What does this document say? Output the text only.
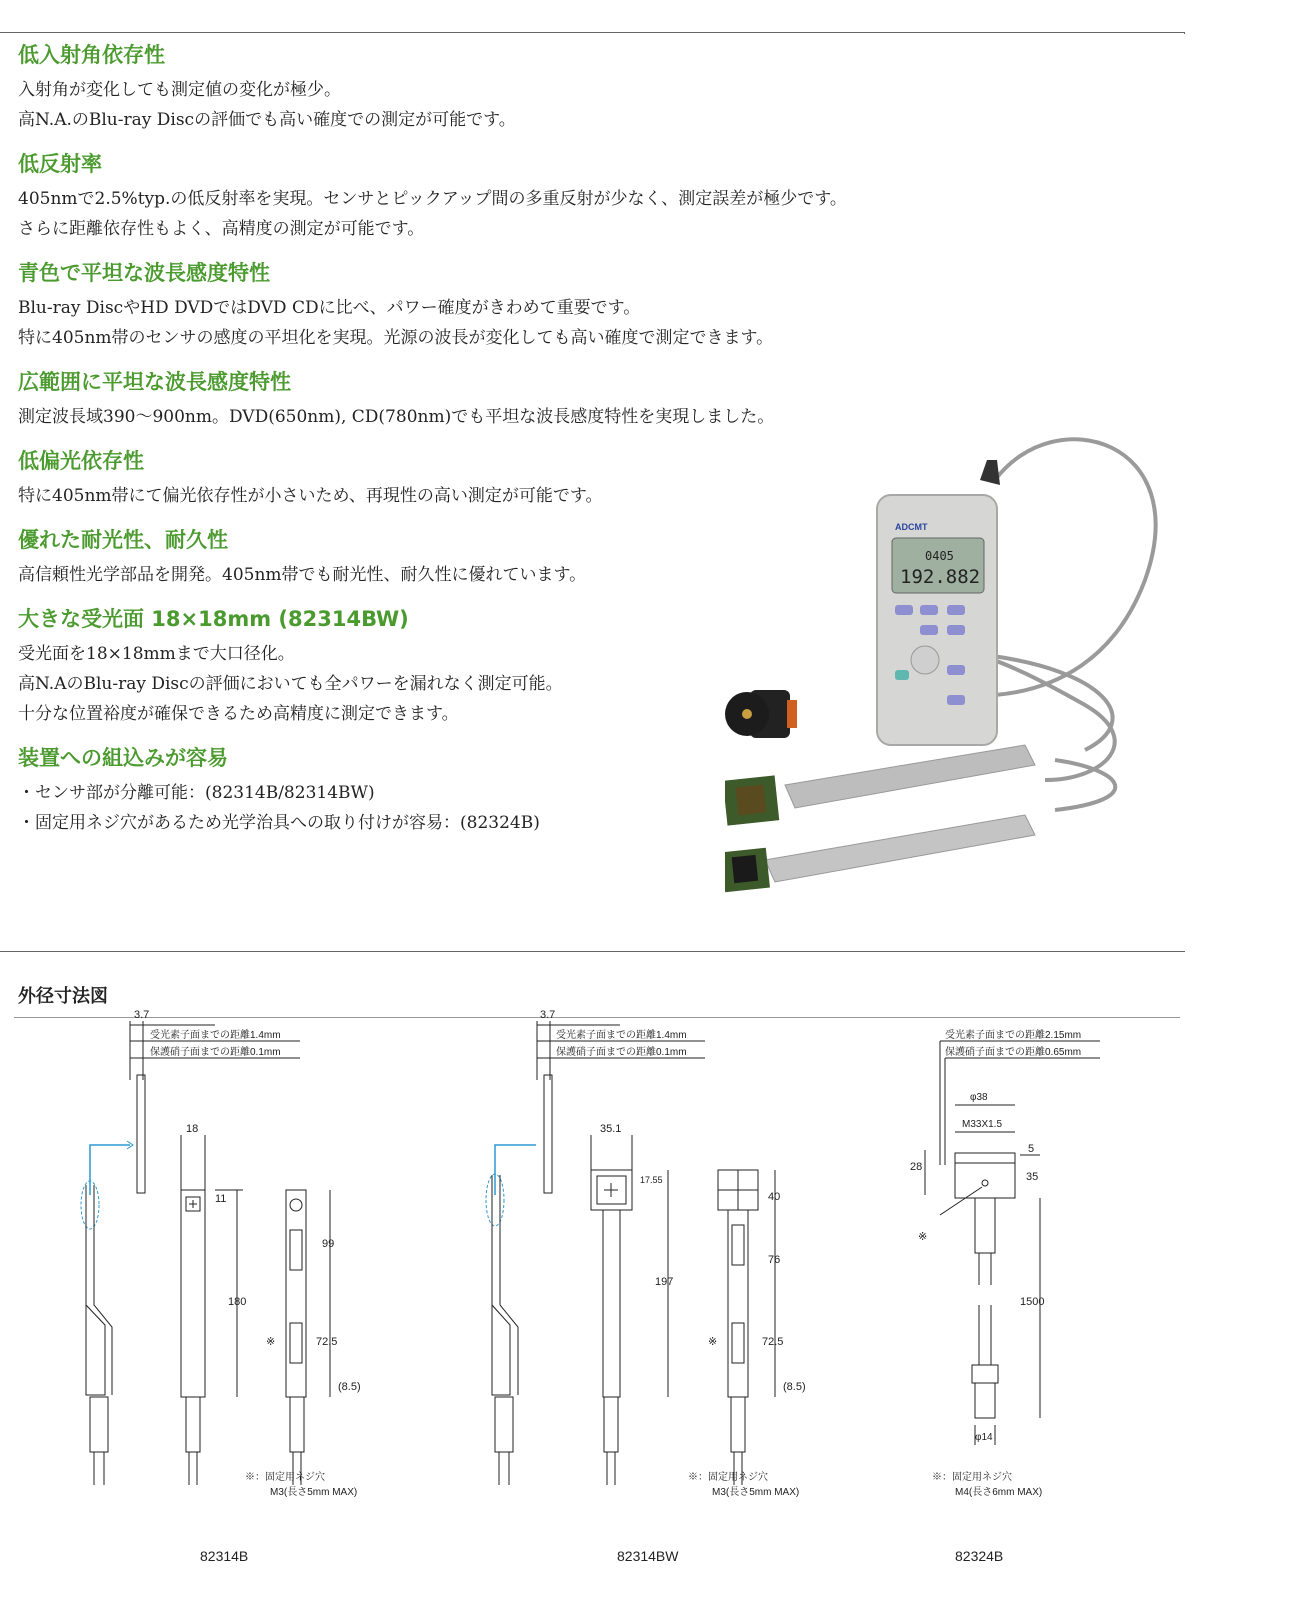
低入射角依存性

入射角が変化しても測定値の変化が極少。

高N.A.のBlu-ray Discの評価でも高い確度での測定が可能です。

低反射率

405nmで2.5%typ.の低反射率を実現。センサとピックアップ間の多重反射が少なく、測定誤差が極少です。

さらに距離依存性もよく、高精度の測定が可能です。

青色で平坦な波長感度特性

Blu-ray DiscやHD DVDではDVD CDに比べ、パワー確度がきわめて重要です。

特に405nm帯のセンサの感度の平坦化を実現。光源の波長が変化しても高い確度で測定できます。

広範囲に平坦な波長感度特性

測定波長域390〜900nm。DVD(650nm), CD(780nm)でも平坦な波長感度特性を実現しました。

低偏光依存性

特に405nm帯にて偏光依存性が小さいため、再現性の高い測定が可能です。

優れた耐光性、耐久性

高信頼性光学部品を開発。405nm帯でも耐光性、耐久性に優れています。

大きな受光面 18×18mm (82314BW)

受光面を18×18mmまで大口径化。

高N.AのBlu-ray Discの評価においても全パワーを漏れなく測定可能。

十分な位置裕度が確保できるため高精度に測定できます。

装置への組込みが容易

・センサ部が分離可能：(82314B/82314BW)

・固定用ネジ穴があるため光学治具への取り付けが容易：(82324B)

ADCMT
0405
192.882
外径寸法図
3.7
受光素子面までの距離1.4mm
保護硝子面までの距離0.1mm
18
11
180
99
72.5
(8.5)
※
※：固定用ネジ穴
M3(長さ5mm MAX)
3.7
受光素子面までの距離1.4mm
保護硝子面までの距離0.1mm
35.1
17.55
197
40
76
72.5
(8.5)
※
※：固定用ネジ穴
M3(長さ5mm MAX)
受光素子面までの距離2.15mm
保護硝子面までの距離0.65mm
φ38
M33X1.5
5
28
35
※
1500
φ14
※：固定用ネジ穴
M4(長さ6mm MAX)
82314B	82314BW	82324B
